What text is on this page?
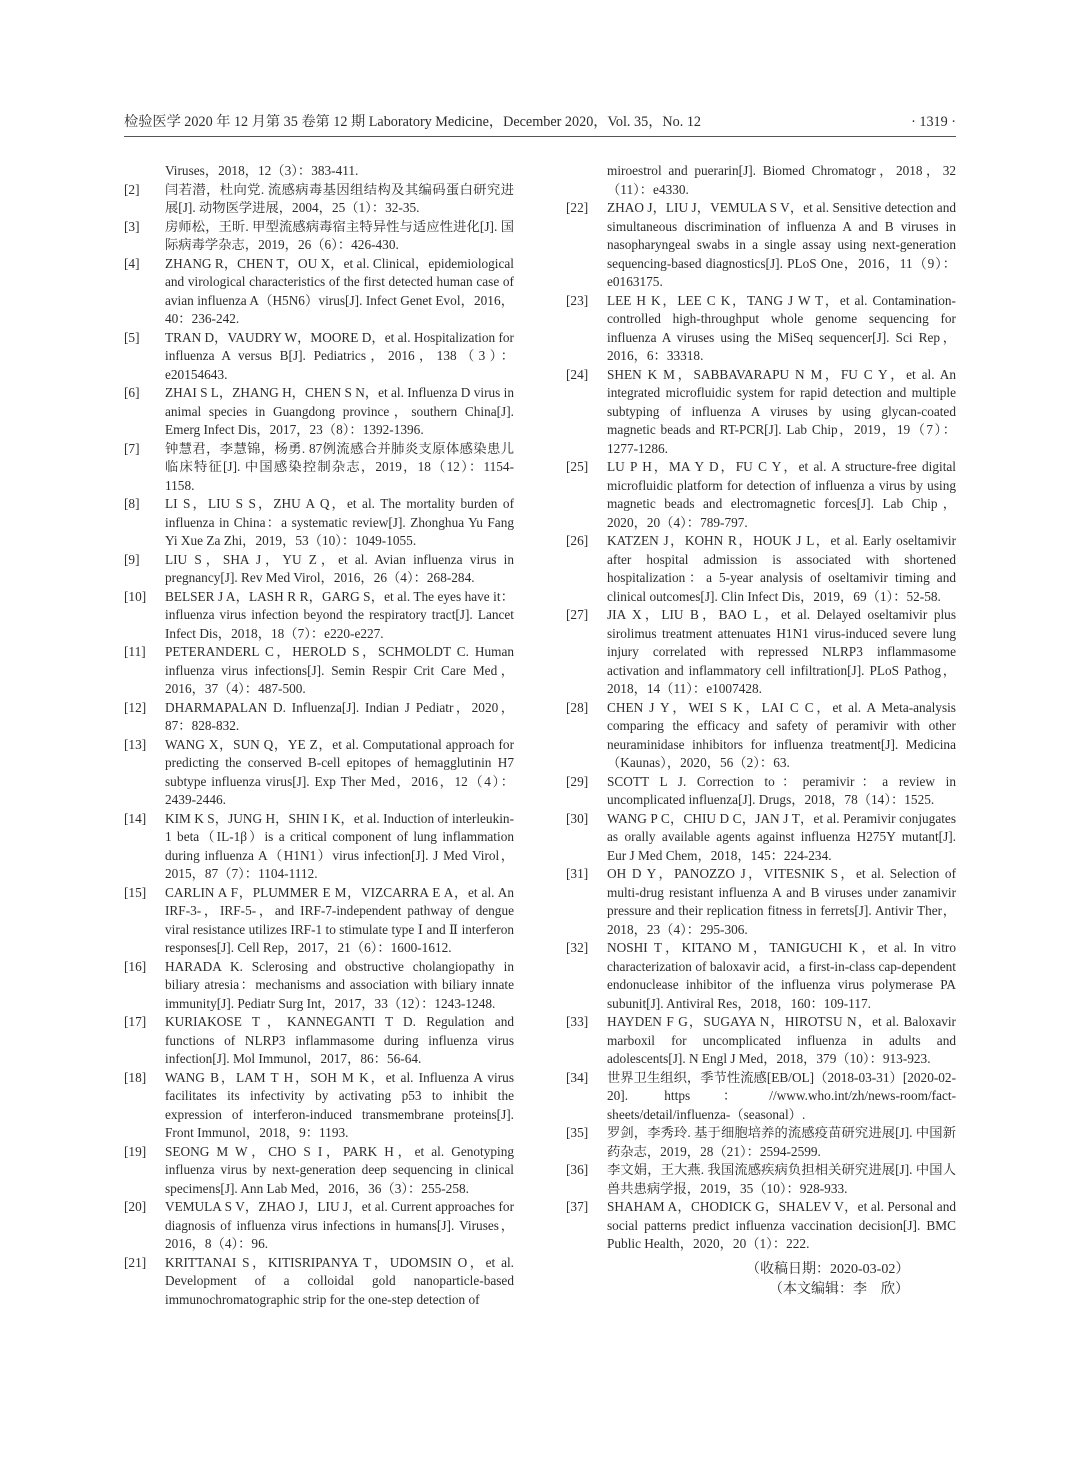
检验医学 2020 年 12 月第 35 卷第 12 期 Laboratory Medicine，December 2020，Vol. 35，No. 12	· 1319 ·
Viruses，2018，12（3）：383-411.
[2] 闫若潜，杜向党. 流感病毒基因组结构及其编码蛋白研究进展[J]. 动物医学进展，2004，25（1）：32-35.
[3] 房师松，王昕. 甲型流感病毒宿主特异性与适应性进化[J]. 国际病毒学杂志，2019，26（6）：426-430.
[4] ZHANG R，CHEN T，OU X，et al. Clinical，epidemiological and virological characteristics of the first detected human case of avian influenza A（H5N6）virus[J]. Infect Genet Evol，2016，40：236-242.
[5] TRAN D，VAUDRY W，MOORE D，et al. Hospitalization for influenza A versus B[J]. Pediatrics，2016，138（3）：e20154643.
[6] ZHAI S L，ZHANG H，CHEN S N，et al. Influenza D virus in animal species in Guangdong province，southern China[J]. Emerg Infect Dis，2017，23（8）：1392-1396.
[7] 钟慧君，李慧锦，杨勇. 87例流感合并肺炎支原体感染患儿临床特征[J]. 中国感染控制杂志，2019，18（12）：1154-1158.
[8] LI S，LIU S S，ZHU A Q，et al. The mortality burden of influenza in China：a systematic review[J]. Zhonghua Yu Fang Yi Xue Za Zhi，2019，53（10）：1049-1055.
[9] LIU S，SHA J，YU Z，et al. Avian influenza virus in pregnancy[J]. Rev Med Virol，2016，26（4）：268-284.
[10] BELSER J A，LASH R R，GARG S，et al. The eyes have it：influenza virus infection beyond the respiratory tract[J]. Lancet Infect Dis，2018，18（7）：e220-e227.
[11] PETERANDERL C，HEROLD S，SCHMOLDT C. Human influenza virus infections[J]. Semin Respir Crit Care Med，2016，37（4）：487-500.
[12] DHARMAPALAN D. Influenza[J]. Indian J Pediatr，2020，87：828-832.
[13] WANG X，SUN Q，YE Z，et al. Computational approach for predicting the conserved B-cell epitopes of hemagglutinin H7 subtype influenza virus[J]. Exp Ther Med，2016，12（4）：2439-2446.
[14] KIM K S，JUNG H，SHIN I K，et al. Induction of interleukin-1 beta（IL-1β）is a critical component of lung inflammation during influenza A（H1N1）virus infection[J]. J Med Virol，2015，87（7）：1104-1112.
[15] CARLIN A F，PLUMMER E M，VIZCARRA E A，et al. An IRF-3-，IRF-5-，and IRF-7-independent pathway of dengue viral resistance utilizes IRF-1 to stimulate type Ⅰ and Ⅱ interferon responses[J]. Cell Rep，2017，21（6）：1600-1612.
[16] HARADA K. Sclerosing and obstructive cholangiopathy in biliary atresia：mechanisms and association with biliary innate immunity[J]. Pediatr Surg Int，2017，33（12）：1243-1248.
[17] KURIAKOSE T，KANNEGANTI T D. Regulation and functions of NLRP3 inflammasome during influenza virus infection[J]. Mol Immunol，2017，86：56-64.
[18] WANG B，LAM T H，SOH M K，et al. Influenza A virus facilitates its infectivity by activating p53 to inhibit the expression of interferon-induced transmembrane proteins[J]. Front Immunol，2018，9：1193.
[19] SEONG M W，CHO S I，PARK H，et al. Genotyping influenza virus by next-generation deep sequencing in clinical specimens[J]. Ann Lab Med，2016，36（3）：255-258.
[20] VEMULA S V，ZHAO J，LIU J，et al. Current approaches for diagnosis of influenza virus infections in humans[J]. Viruses，2016，8（4）：96.
[21] KRITTANAI S，KITISRIPANYA T，UDOMSIN O，et al. Development of a colloidal gold nanoparticle-based immunochromatographic strip for the one-step detection of
miroestrol and puerarin[J]. Biomed Chromatogr，2018，32（11）：e4330.
[22] ZHAO J，LIU J，VEMULA S V，et al. Sensitive detection and simultaneous discrimination of influenza A and B viruses in nasopharyngeal swabs in a single assay using next-generation sequencing-based diagnostics[J]. PLoS One，2016，11（9）：e0163175.
[23] LEE H K，LEE C K，TANG J W T，et al. Contamination-controlled high-throughput whole genome sequencing for influenza A viruses using the MiSeq sequencer[J]. Sci Rep，2016，6：33318.
[24] SHEN K M，SABBAVARAPU N M，FU C Y，et al. An integrated microfluidic system for rapid detection and multiple subtyping of influenza A viruses by using glycan-coated magnetic beads and RT-PCR[J]. Lab Chip，2019，19（7）：1277-1286.
[25] LU P H，MA Y D，FU C Y，et al. A structure-free digital microfluidic platform for detection of influenza a virus by using magnetic beads and electromagnetic forces[J]. Lab Chip，2020，20（4）：789-797.
[26] KATZEN J，KOHN R，HOUK J L，et al. Early oseltamivir after hospital admission is associated with shortened hospitalization：a 5-year analysis of oseltamivir timing and clinical outcomes[J]. Clin Infect Dis，2019，69（1）：52-58.
[27] JIA X，LIU B，BAO L，et al. Delayed oseltamivir plus sirolimus treatment attenuates H1N1 virus-induced severe lung injury correlated with repressed NLRP3 inflammasome activation and inflammatory cell infiltration[J]. PLoS Pathog，2018，14（11）：e1007428.
[28] CHEN J Y，WEI S K，LAI C C，et al. A Meta-analysis comparing the efficacy and safety of peramivir with other neuraminidase inhibitors for influenza treatment[J]. Medicina（Kaunas），2020，56（2）：63.
[29] SCOTT L J. Correction to：peramivir：a review in uncomplicated influenza[J]. Drugs，2018，78（14）：1525.
[30] WANG P C，CHIU D C，JAN J T，et al. Peramivir conjugates as orally available agents against influenza H275Y mutant[J]. Eur J Med Chem，2018，145：224-234.
[31] OH D Y，PANOZZO J，VITESNIK S，et al. Selection of multi-drug resistant influenza A and B viruses under zanamivir pressure and their replication fitness in ferrets[J]. Antivir Ther，2018，23（4）：295-306.
[32] NOSHI T，KITANO M，TANIGUCHI K，et al. In vitro characterization of baloxavir acid，a first-in-class cap-dependent endonuclease inhibitor of the influenza virus polymerase PA subunit[J]. Antiviral Res，2018，160：109-117.
[33] HAYDEN F G，SUGAYA N，HIROTSU N，et al. Baloxavir marboxil for uncomplicated influenza in adults and adolescents[J]. N Engl J Med，2018，379（10）：913-923.
[34] 世界卫生组织，季节性流感[EB/OL]（2018-03-31）[2020-02-20]. https：//www.who.int/zh/news-room/fact-sheets/detail/influenza-（seasonal）.
[35] 罗剑，李秀玲. 基于细胞培养的流感疫苗研究进展[J]. 中国新药杂志，2019，28（21）：2594-2599.
[36] 李文娟，王大燕. 我国流感疾病负担相关研究进展[J]. 中国人兽共患病学报，2019，35（10）：928-933.
[37] SHAHAM A，CHODICK G，SHALEV V，et al. Personal and social patterns predict influenza vaccination decision[J]. BMC Public Health，2020，20（1）：222.
（收稿日期：2020-03-02）
（本文编辑：李　欣）
